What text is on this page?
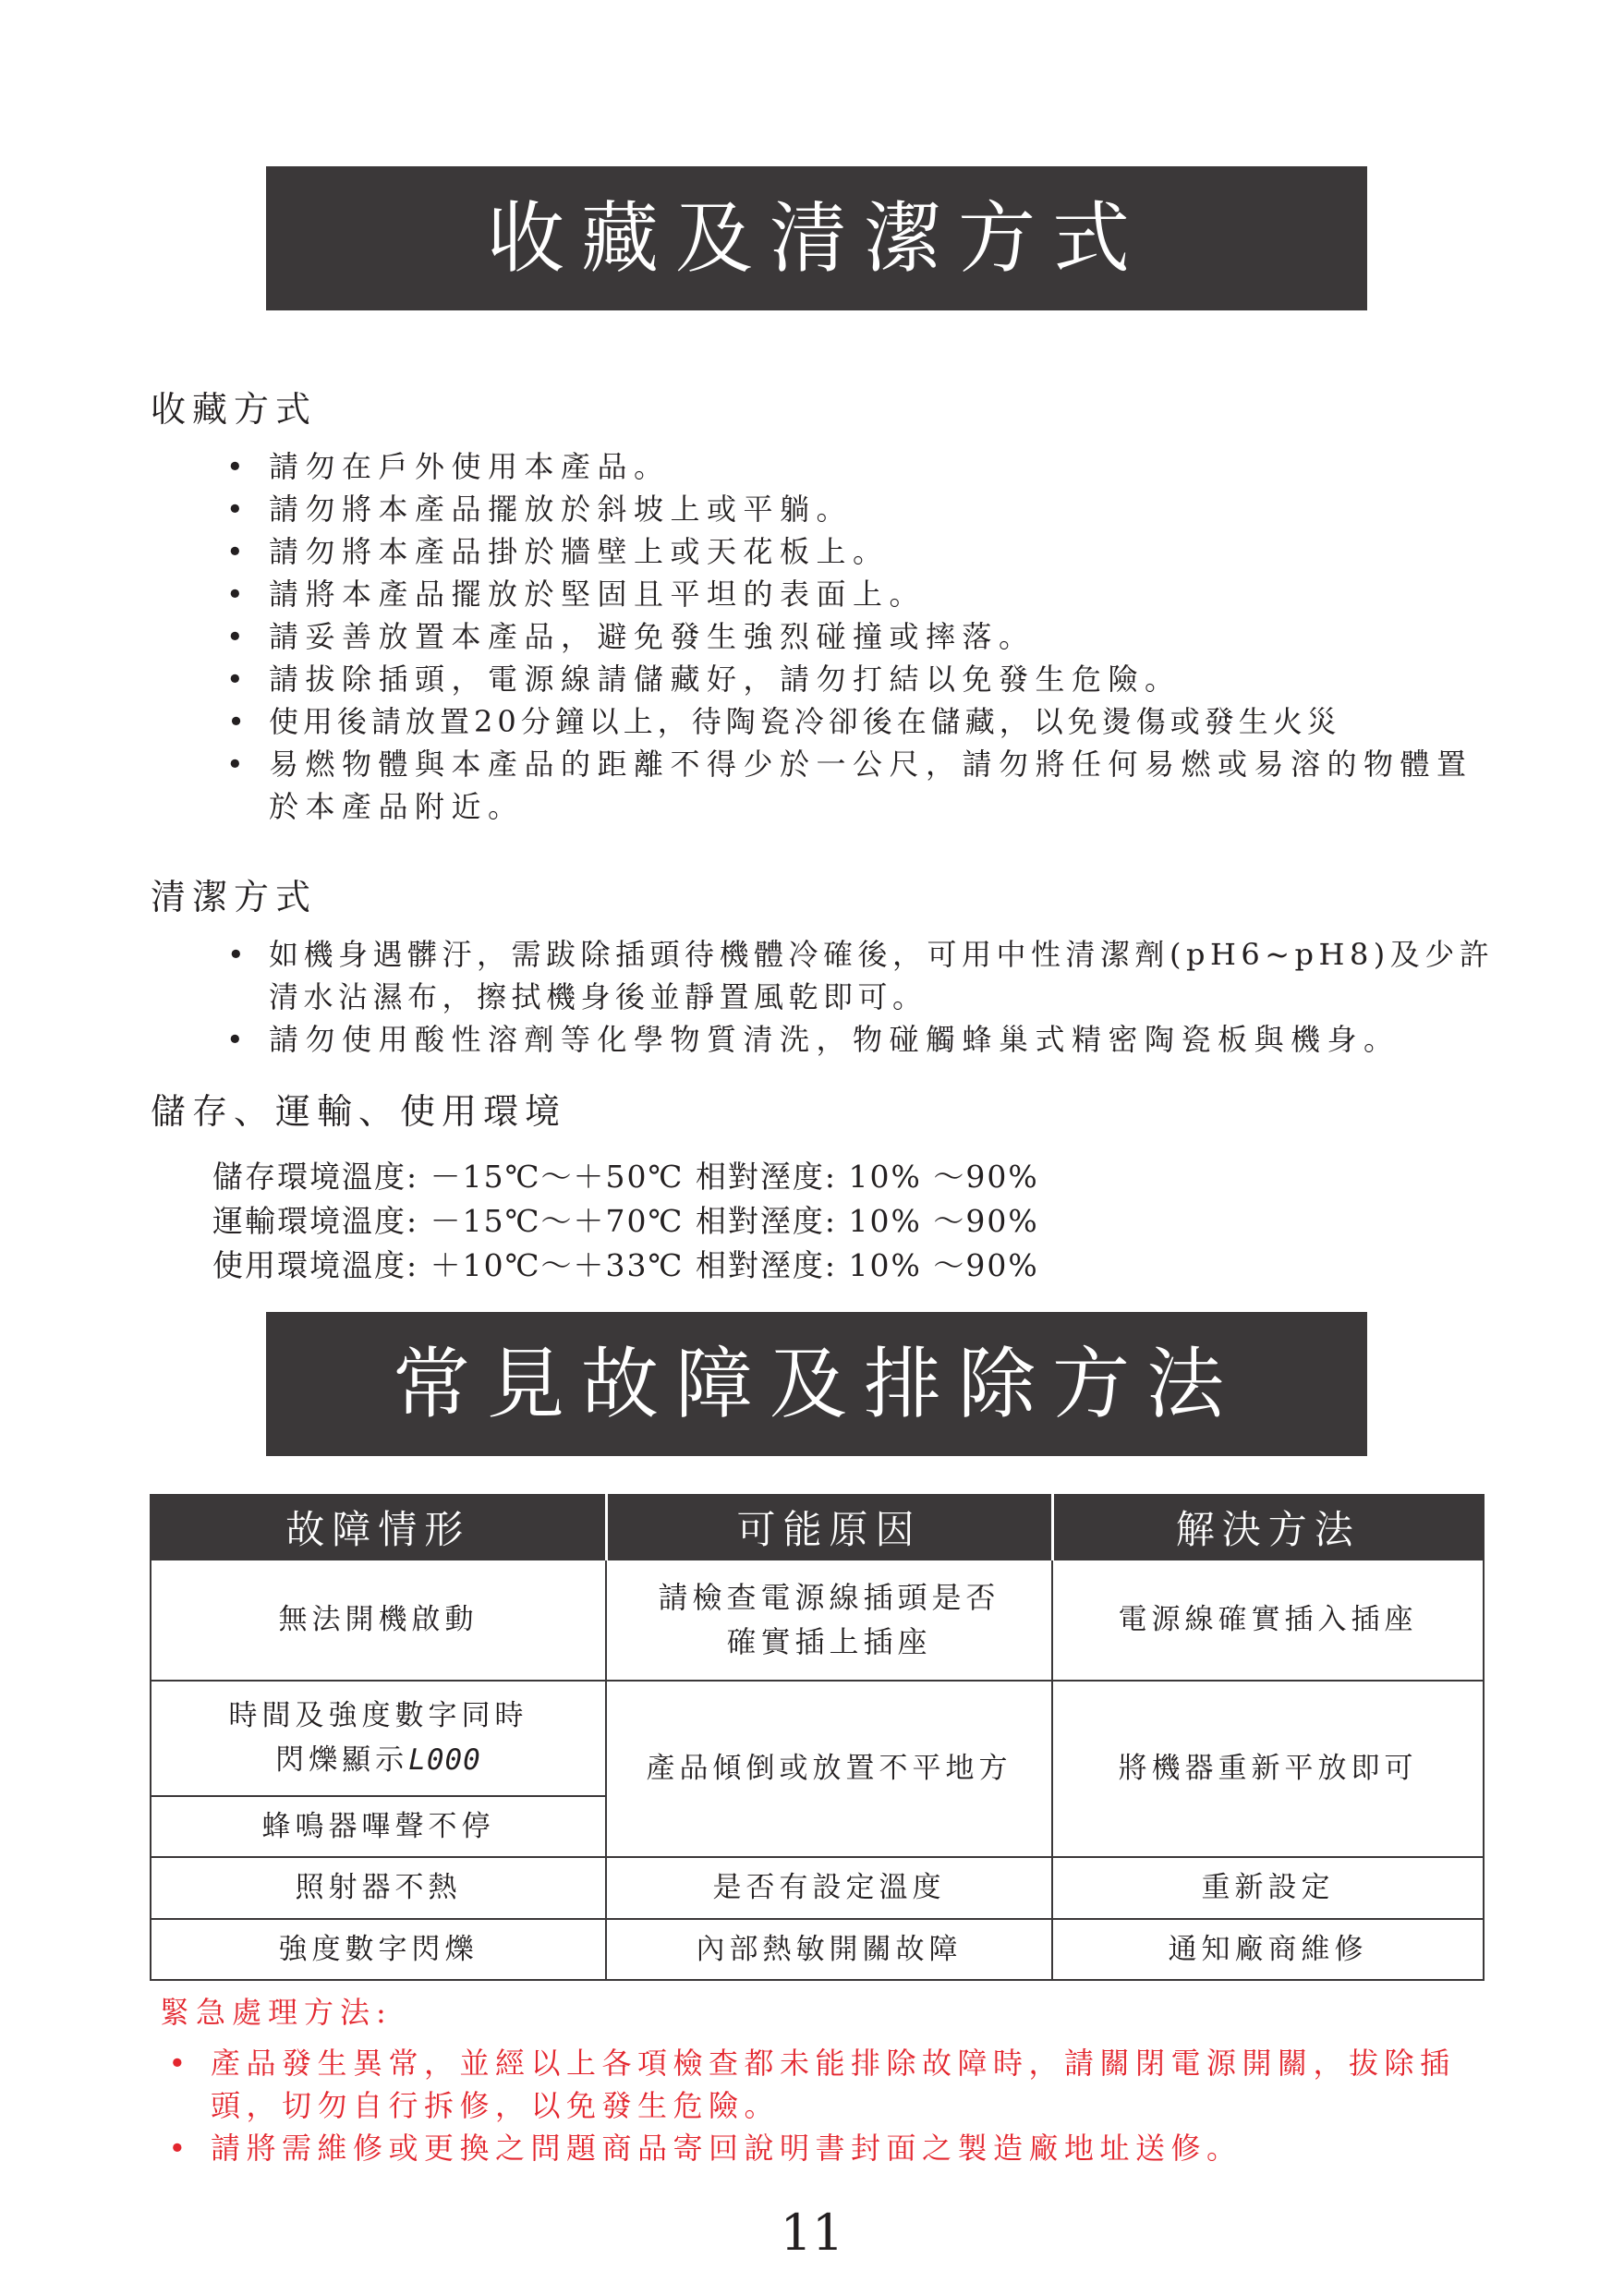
收藏及清潔方式
收藏方式
• 請勿在戶外使用本產品。
• 請勿將本產品擺放於斜坡上或平躺。
• 請勿將本產品掛於牆壁上或天花板上。
• 請將本產品擺放於堅固且平坦的表面上。
• 請妥善放置本產品，避免發生強烈碰撞或摔落。
• 請拔除插頭，電源線請儲藏好，請勿打結以免發生危險。
• 使用後請放置20分鐘以上，待陶瓷冷卻後在儲藏，以免燙傷或發生火災
• 易燃物體與本產品的距離不得少於一公尺，請勿將任何易燃或易溶的物體置於本產品附近。
清潔方式
• 如機身遇髒汙，需跋除插頭待機體冷確後，可用中性清潔劑(pH6~pH8)及少許清水沾濕布，擦拭機身後並靜置風乾即可。
• 請勿使用酸性溶劑等化學物質清洗，物碰觸蜂巢式精密陶瓷板與機身。
儲存、運輸、使用環境
儲存環境溫度: －15℃～＋50℃ 相對溼度: 10% ～90%
運輸環境溫度: －15℃～＋70℃ 相對溼度: 10% ～90%
使用環境溫度: ＋10℃～＋33℃ 相對溼度: 10% ～90%
常見故障及排除方法
故障情形	可能原因	解決方法
無法開機啟動	請檢查電源線插頭是否確實插上插座	電源線確實插入插座
時間及強度數字同時閃爍顯示L000	產品傾倒或放置不平地方	將機器重新平放即可
蜂鳴器嗶聲不停		
照射器不熱	是否有設定溫度	重新設定
強度數字閃爍	內部熱敏開關故障	通知廠商維修
緊急處理方法:
• 產品發生異常，並經以上各項檢查都未能排除故障時，請關閉電源開關，拔除插頭，切勿自行拆修，以免發生危險。
• 請將需維修或更換之問題商品寄回說明書封面之製造廠地址送修。
11
